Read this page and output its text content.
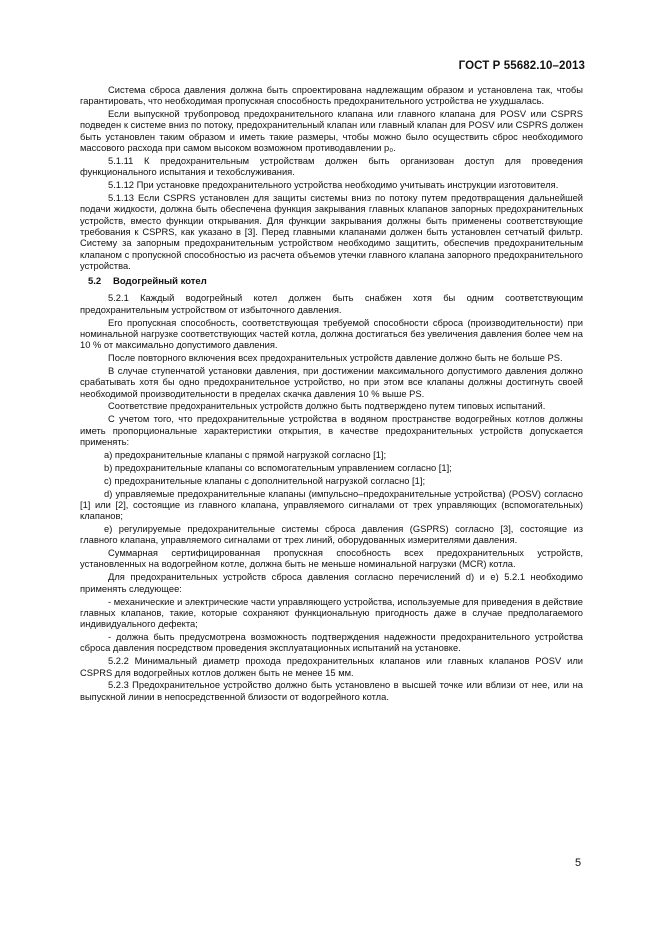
ГОСТ Р 55682.10–2013

Система сброса давления должна быть спроектирована надлежащим образом и установлена так, чтобы гарантировать, что необходимая пропускная способность предохранительного устройства не ухудшалась.

Если выпускной трубопровод предохранительного клапана или главного клапана для POSV или CSPRS подведен к системе вниз по потоку, предохранительный клапан или главный клапан для POSV или CSPRS должен быть установлен таким образом и иметь такие размеры, чтобы можно было осуществить сброс необходимого массового расхода при самом высоком возможном противодавлении p₀.

5.1.11 К предохранительным устройствам должен быть организован доступ для проведения функционального испытания и техобслуживания.

5.1.12 При установке предохранительного устройства необходимо учитывать инструкции изготовителя.

5.1.13 Если CSPRS установлен для защиты системы вниз по потоку путем предотвращения дальнейшей подачи жидкости, должна быть обеспечена функция закрывания главных клапанов запорных предохранительных устройств, вместо функции открывания. Для функции закрывания должны быть применены соответствующие требования к CSPRS, как указано в [3]. Перед главными клапанами должен быть установлен сетчатый фильтр. Систему за запорным предохранительным устройством необходимо защитить, обеспечив предохранительным клапаном с пропускной способностью из расчета объемов утечки главного клапана запорного предохранительного устройства.

5.2 Водогрейный котел

5.2.1 Каждый водогрейный котел должен быть снабжен хотя бы одним соответствующим предохранительным устройством от избыточного давления.

Его пропускная способность, соответствующая требуемой способности сброса (производительности) при номинальной нагрузке соответствующих частей котла, должна достигаться без увеличения давления более чем на 10 % от максимально допустимого давления.

После повторного включения всех предохранительных устройств давление должно быть не больше PS.

В случае ступенчатой установки давления, при достижении максимального допустимого давления должно срабатывать хотя бы одно предохранительное устройство, но при этом все клапаны должны достигнуть своей необходимой производительности в пределах скачка давления 10 % выше PS.

Соответствие предохранительных устройств должно быть подтверждено путем типовых испытаний.

С учетом того, что предохранительные устройства в водяном пространстве водогрейных котлов должны иметь пропорциональные характеристики открытия, в качестве предохранительных устройств допускается применять:

а) предохранительные клапаны с прямой нагрузкой согласно [1];

b) предохранительные клапаны со вспомогательным управлением согласно [1];

с) предохранительные клапаны с дополнительной нагрузкой согласно [1];

d) управляемые предохранительные клапаны (импульсно–предохранительные устройства) (POSV) согласно [1] или [2], состоящие из главного клапана, управляемого сигналами от трех управляющих (вспомогательных) клапанов;

e) регулируемые предохранительные системы сброса давления (GSPRS) согласно [3], состоящие из главного клапана, управляемого сигналами от трех линий, оборудованных измерителями давления.

Суммарная сертифицированная пропускная способность всех предохранительных устройств, установленных на водогрейном котле, должна быть не меньше номинальной нагрузки (MCR) котла.

Для предохранительных устройств сброса давления согласно перечислений d) и e) 5.2.1 необходимо применять следующее:

- механические и электрические части управляющего устройства, используемые для приведения в действие главных клапанов, такие, которые сохраняют функциональную пригодность даже в случае предполагаемого индивидуального дефекта;

- должна быть предусмотрена возможность подтверждения надежности предохранительного устройства сброса давления посредством проведения эксплуатационных испытаний на установке.

5.2.2 Минимальный диаметр прохода предохранительных клапанов или главных клапанов POSV или CSPRS для водогрейных котлов должен быть не менее 15 мм.

5.2.3 Предохранительное устройство должно быть установлено в высшей точке или вблизи от нее, или на выпускной линии в непосредственной близости от водогрейного котла.

5
